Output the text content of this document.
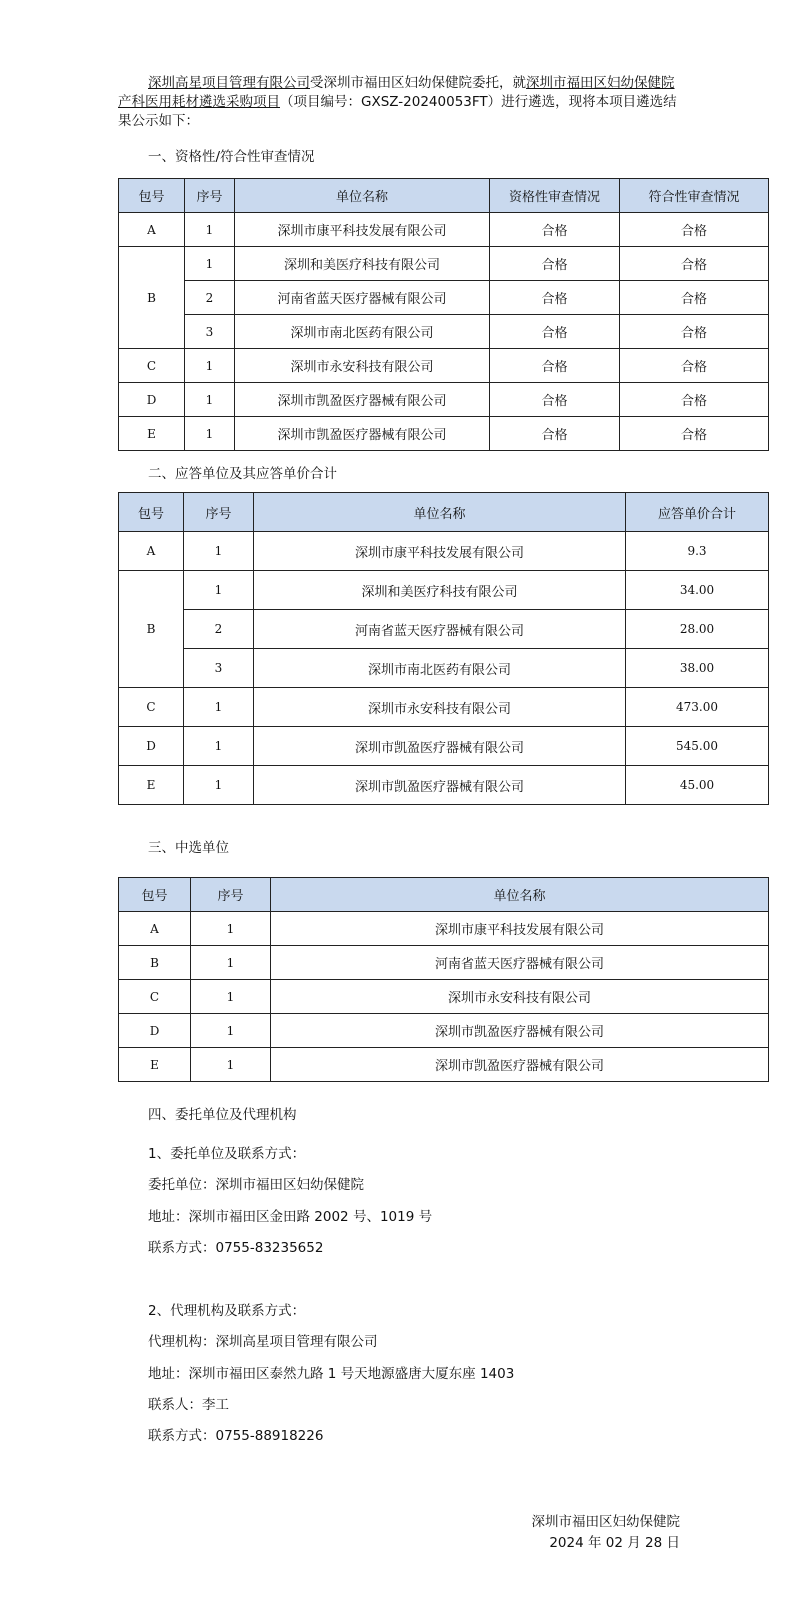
深圳高星项目管理有限公司受深圳市福田区妇幼保健院委托，就深圳市福田区妇幼保健院产科医用耗材遴选采购项目（项目编号：GXSZ-20240053FT）进行遴选，现将本项目遴选结果公示如下：
一、资格性/符合性审查情况
包号	序号	单位名称	资格性审查情况	符合性审查情况
A	1	深圳市康平科技发展有限公司	合格	合格
B	1	深圳和美医疗科技有限公司	合格	合格
	2	河南省蓝天医疗器械有限公司	合格	合格
	3	深圳市南北医药有限公司	合格	合格
C	1	深圳市永安科技有限公司	合格	合格
D	1	深圳市凯盈医疗器械有限公司	合格	合格
E	1	深圳市凯盈医疗器械有限公司	合格	合格
二、应答单位及其应答单价合计
包号	序号	单位名称	应答单价合计
A	1	深圳市康平科技发展有限公司	9.3
B	1	深圳和美医疗科技有限公司	34.00
	2	河南省蓝天医疗器械有限公司	28.00
	3	深圳市南北医药有限公司	38.00
C	1	深圳市永安科技有限公司	473.00
D	1	深圳市凯盈医疗器械有限公司	545.00
E	1	深圳市凯盈医疗器械有限公司	45.00
三、中选单位
包号	序号	单位名称
A	1	深圳市康平科技发展有限公司
B	1	河南省蓝天医疗器械有限公司
C	1	深圳市永安科技有限公司
D	1	深圳市凯盈医疗器械有限公司
E	1	深圳市凯盈医疗器械有限公司
四、委托单位及代理机构
1、委托单位及联系方式：
委托单位：深圳市福田区妇幼保健院
地址：深圳市福田区金田路 2002 号、1019 号
联系方式：0755-83235652
2、代理机构及联系方式：
代理机构：深圳高星项目管理有限公司
地址：深圳市福田区泰然九路 1 号天地源盛唐大厦东座 1403
联系人：李工
联系方式：0755-88918226
深圳市福田区妇幼保健院
2024 年 02 月 28 日
